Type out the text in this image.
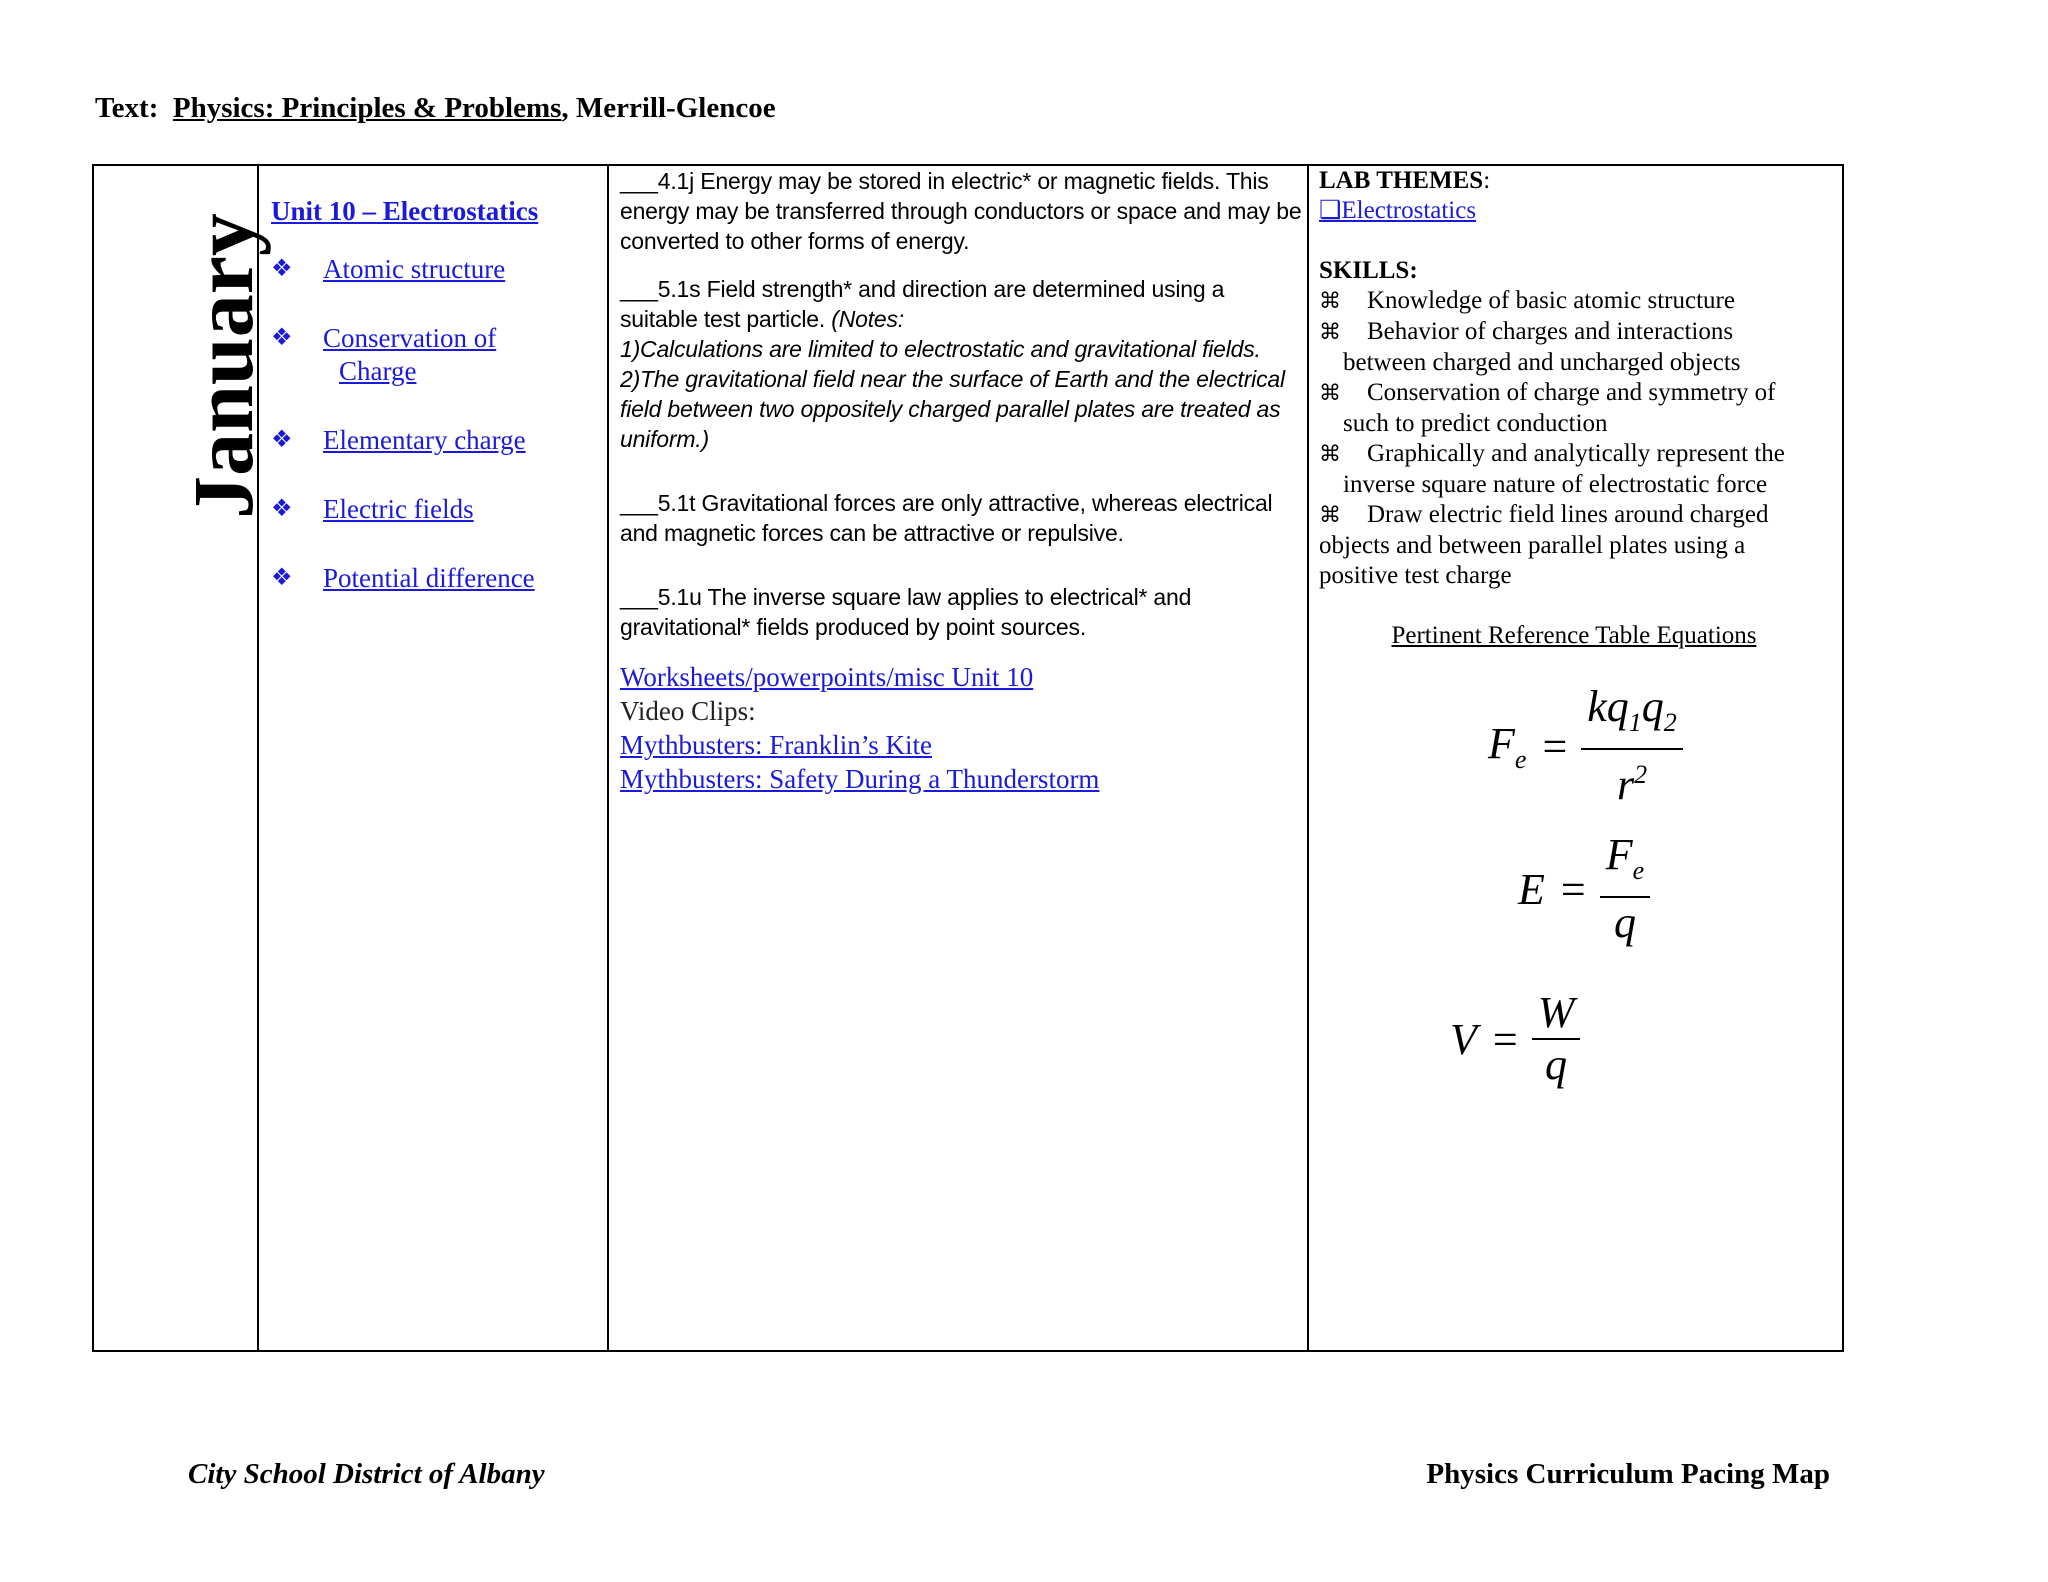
Text: Physics: Principles & Problems, Merrill-Glencoe
January
Unit 10 – Electrostatics
❖	Atomic structure
❖	Conservation of
Charge
❖	Elementary charge
❖	Electric fields
❖	Potential difference

___4.1j Energy may be stored in electric* or magnetic fields. This energy may be transferred through conductors or space and may be converted to other forms of energy.

___5.1s Field strength* and direction are determined using a suitable test particle. (Notes:
1)Calculations are limited to electrostatic and gravitational fields.
2)The gravitational field near the surface of Earth and the electrical field between two oppositely charged parallel plates are treated as uniform.)

___5.1t Gravitational forces are only attractive, whereas electrical and magnetic forces can be attractive or repulsive.

___5.1u The inverse square law applies to electrical* and gravitational* fields produced by point sources.

Worksheets/powerpoints/misc Unit 10

Video Clips:

Mythbusters: Franklin’s Kite

Mythbusters: Safety During a Thunderstorm

LAB THEMES:
❑Electrostatics
SKILLS:
⌘ Knowledge of basic atomic structure
⌘ Behavior of charges and interactions
between charged and uncharged objects
⌘ Conservation of charge and symmetry of
such to predict conduction
⌘ Graphically and analytically represent the
inverse square nature of electrostatic force
⌘ Draw electric field lines around charged
objects and between parallel plates using a
positive test charge
Pertinent Reference Table Equations
$F_e = \frac{kq_1q_2}{r^2}$
$E = \frac{F_e}{q}$
$V = \frac{W}{q}$
City School District of Albany	Physics Curriculum Pacing Map
